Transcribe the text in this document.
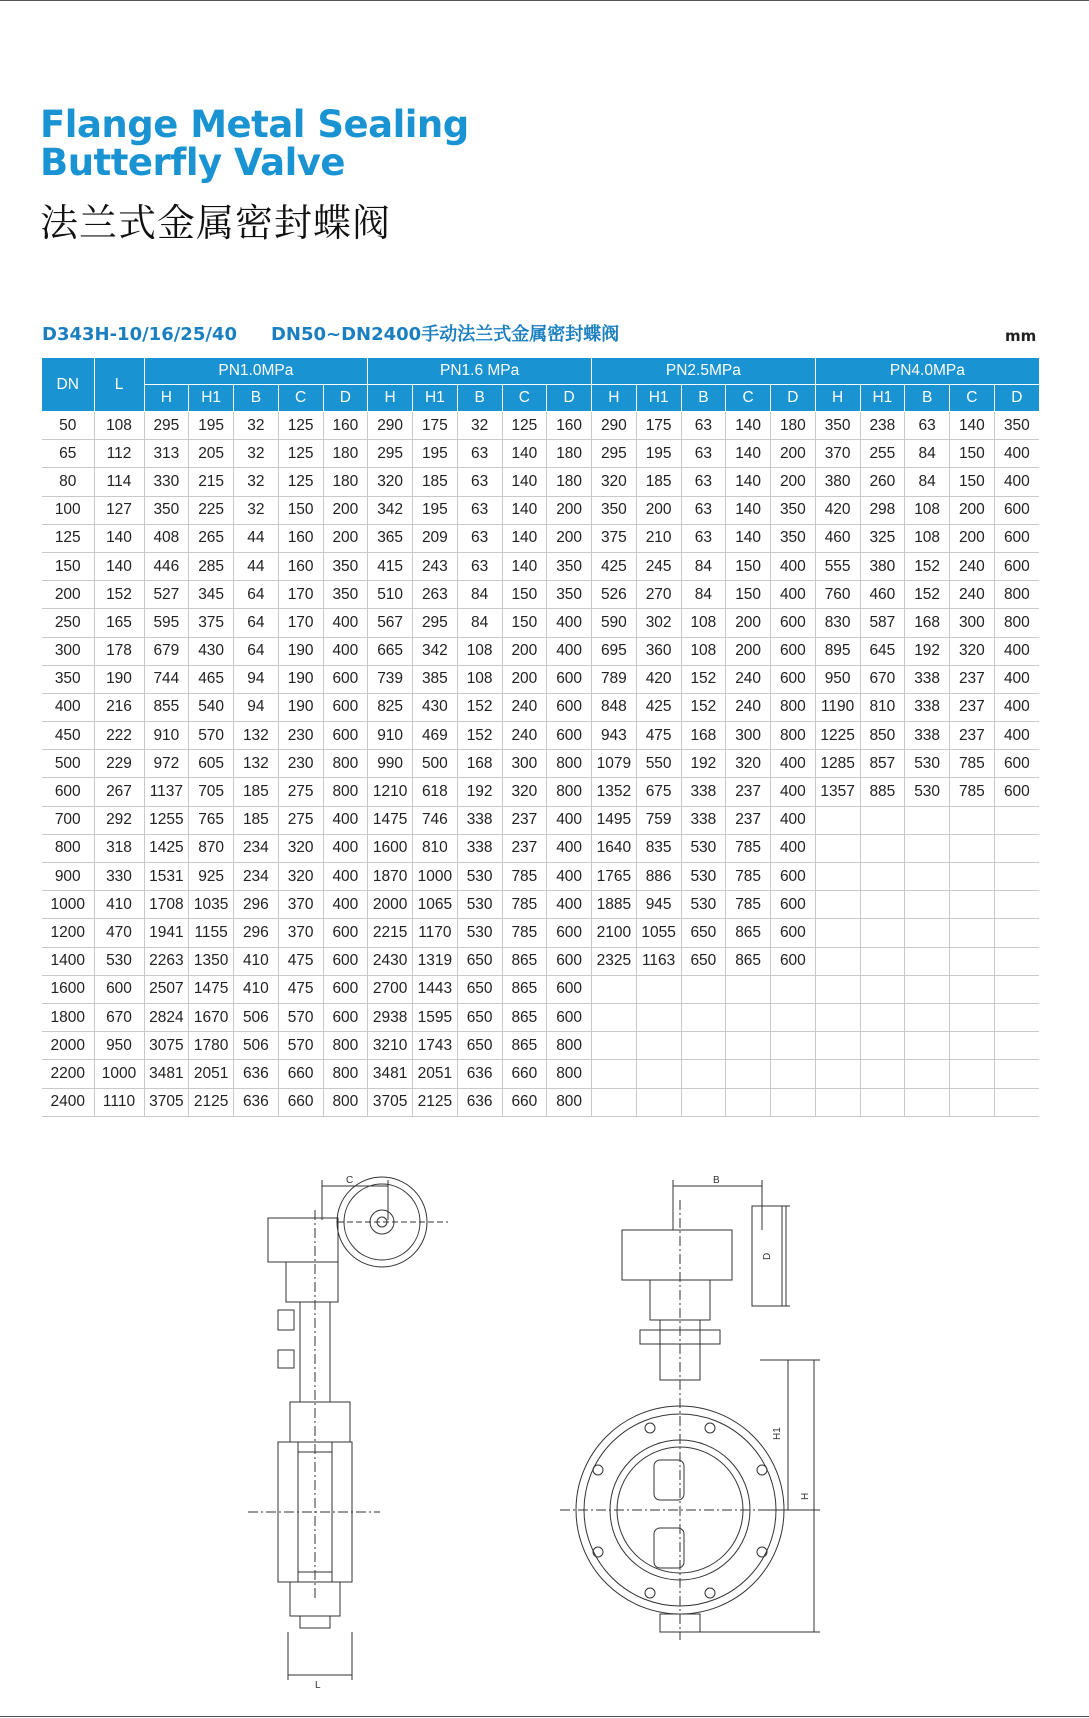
Flange Metal Sealing
Butterfly Valve
法兰式金属密封蝶阀
D343H-10/16/25/40 DN50~DN2400手动法兰式金属密封蝶阀	mm
DN	L	PN1.0MPa					PN1.6 MPa					PN2.5MPa					PN4.0MPa				
		H	H1	B	C	D	H	H1	B	C	D	H	H1	B	C	D	H	H1	B	C	D
50	108	295	195	32	125	160	290	175	32	125	160	290	175	63	140	180	350	238	63	140	350
65	112	313	205	32	125	180	295	195	63	140	180	295	195	63	140	200	370	255	84	150	400
80	114	330	215	32	125	180	320	185	63	140	180	320	185	63	140	200	380	260	84	150	400
100	127	350	225	32	150	200	342	195	63	140	200	350	200	63	140	350	420	298	108	200	600
125	140	408	265	44	160	200	365	209	63	140	200	375	210	63	140	350	460	325	108	200	600
150	140	446	285	44	160	350	415	243	63	140	350	425	245	84	150	400	555	380	152	240	600
200	152	527	345	64	170	350	510	263	84	150	350	526	270	84	150	400	760	460	152	240	800
250	165	595	375	64	170	400	567	295	84	150	400	590	302	108	200	600	830	587	168	300	800
300	178	679	430	64	190	400	665	342	108	200	400	695	360	108	200	600	895	645	192	320	400
350	190	744	465	94	190	600	739	385	108	200	600	789	420	152	240	600	950	670	338	237	400
400	216	855	540	94	190	600	825	430	152	240	600	848	425	152	240	800	1190	810	338	237	400
450	222	910	570	132	230	600	910	469	152	240	600	943	475	168	300	800	1225	850	338	237	400
500	229	972	605	132	230	800	990	500	168	300	800	1079	550	192	320	400	1285	857	530	785	600
600	267	1137	705	185	275	800	1210	618	192	320	800	1352	675	338	237	400	1357	885	530	785	600
700	292	1255	765	185	275	400	1475	746	338	237	400	1495	759	338	237	400					
800	318	1425	870	234	320	400	1600	810	338	237	400	1640	835	530	785	400					
900	330	1531	925	234	320	400	1870	1000	530	785	400	1765	886	530	785	600					
1000	410	1708	1035	296	370	400	2000	1065	530	785	400	1885	945	530	785	600					
1200	470	1941	1155	296	370	600	2215	1170	530	785	600	2100	1055	650	865	600					
1400	530	2263	1350	410	475	600	2430	1319	650	865	600	2325	1163	650	865	600					
1600	600	2507	1475	410	475	600	2700	1443	650	865	600										
1800	670	2824	1670	506	570	600	2938	1595	650	865	600										
2000	950	3075	1780	506	570	800	3210	1743	650	865	800										
2200	1000	3481	2051	636	660	800	3481	2051	636	660	800										
2400	1110	3705	2125	636	660	800	3705	2125	636	660	800										
C
L
B
D
H1
H
